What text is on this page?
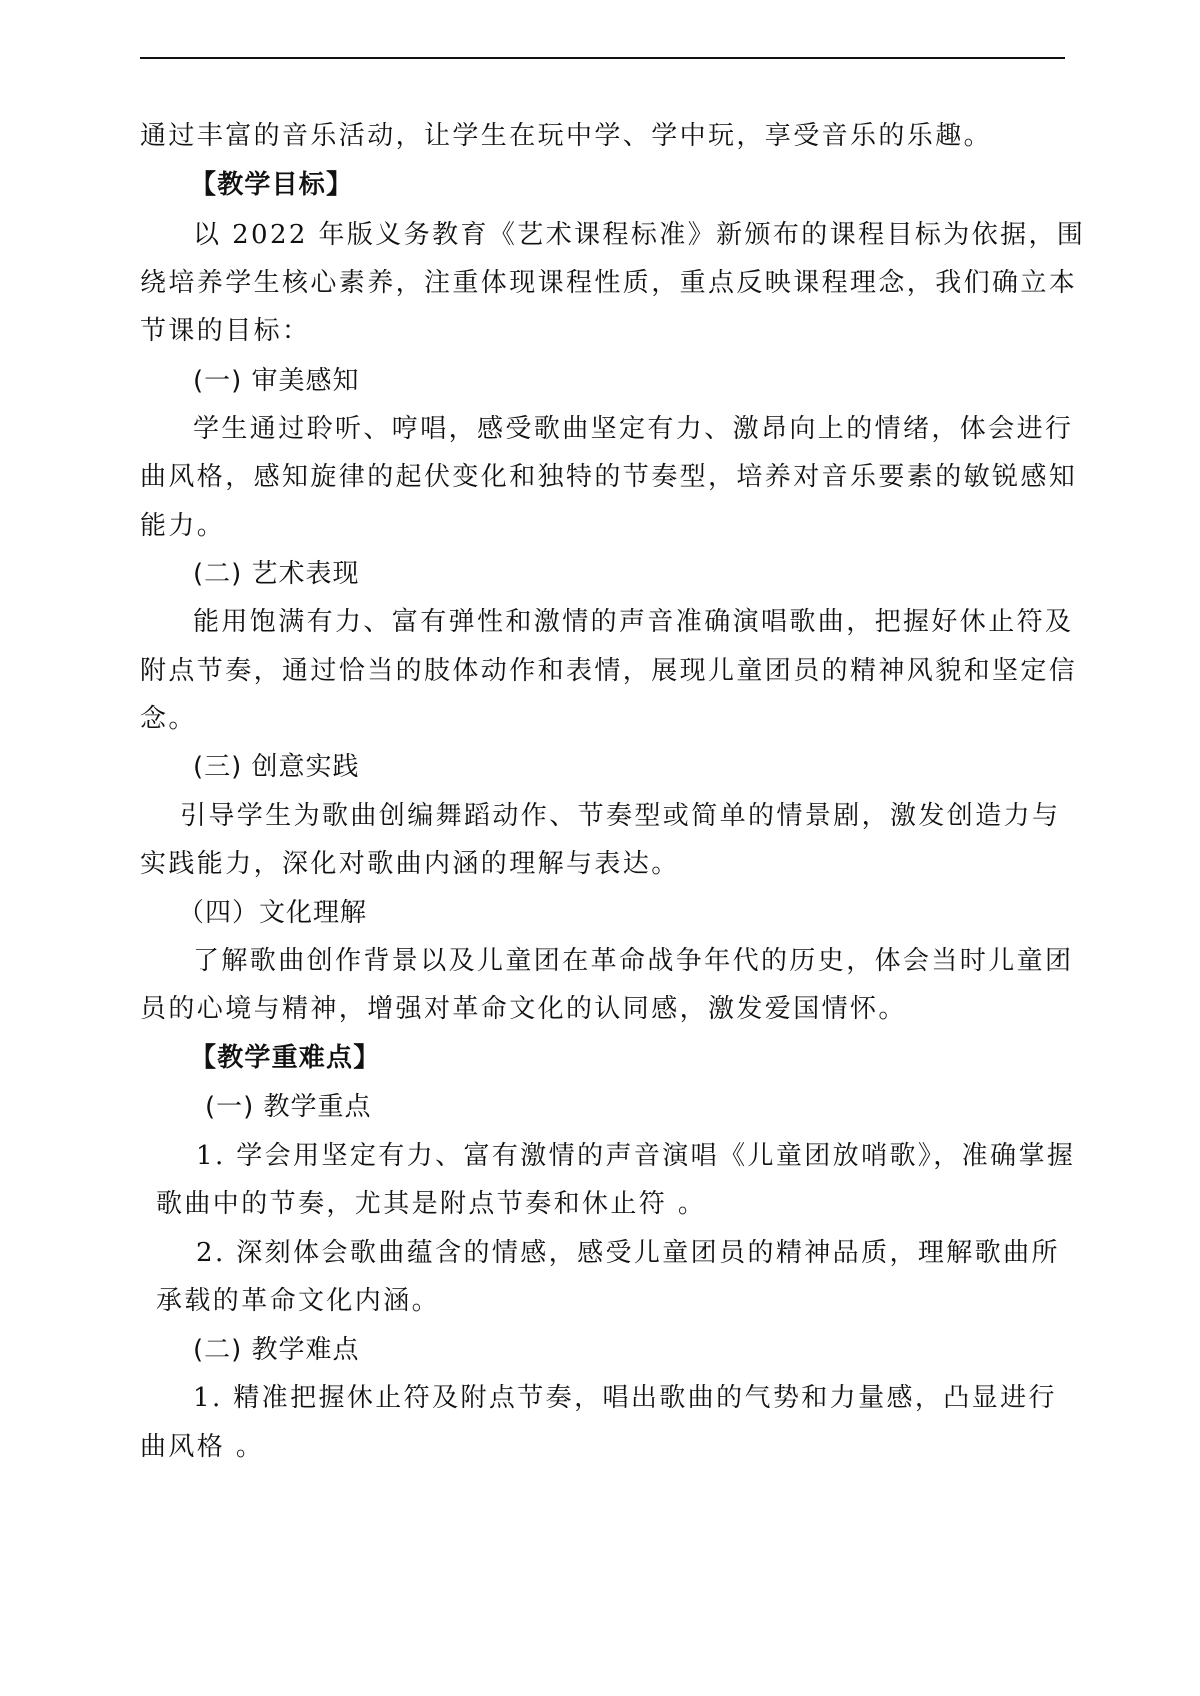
通过丰富的音乐活动，让学生在玩中学、学中玩，享受音乐的乐趣。
【教学目标】
以 2022 年版义务教育《艺术课程标准》新颁布的课程目标为依据，围
绕培养学生核心素养，注重体现课程性质，重点反映课程理念，我们确立本
节课的目标：
(一) 审美感知
学生通过聆听、哼唱，感受歌曲坚定有力、激昂向上的情绪，体会进行
曲风格，感知旋律的起伏变化和独特的节奏型，培养对音乐要素的敏锐感知
能力。
(二) 艺术表现
能用饱满有力、富有弹性和激情的声音准确演唱歌曲，把握好休止符及
附点节奏，通过恰当的肢体动作和表情，展现儿童团员的精神风貌和坚定信
念。
(三) 创意实践
引导学生为歌曲创编舞蹈动作、节奏型或简单的情景剧，激发创造力与
实践能力，深化对歌曲内涵的理解与表达。
（四）文化理解
了解歌曲创作背景以及儿童团在革命战争年代的历史，体会当时儿童团
员的心境与精神，增强对革命文化的认同感，激发爱国情怀。
【教学重难点】
(一) 教学重点
1. 学会用坚定有力、富有激情的声音演唱《儿童团放哨歌》，准确掌握
歌曲中的节奏，尤其是附点节奏和休止符 。
2. 深刻体会歌曲蕴含的情感，感受儿童团员的精神品质，理解歌曲所
承载的革命文化内涵。
(二) 教学难点
1. 精准把握休止符及附点节奏，唱出歌曲的气势和力量感，凸显进行
曲风格 。
